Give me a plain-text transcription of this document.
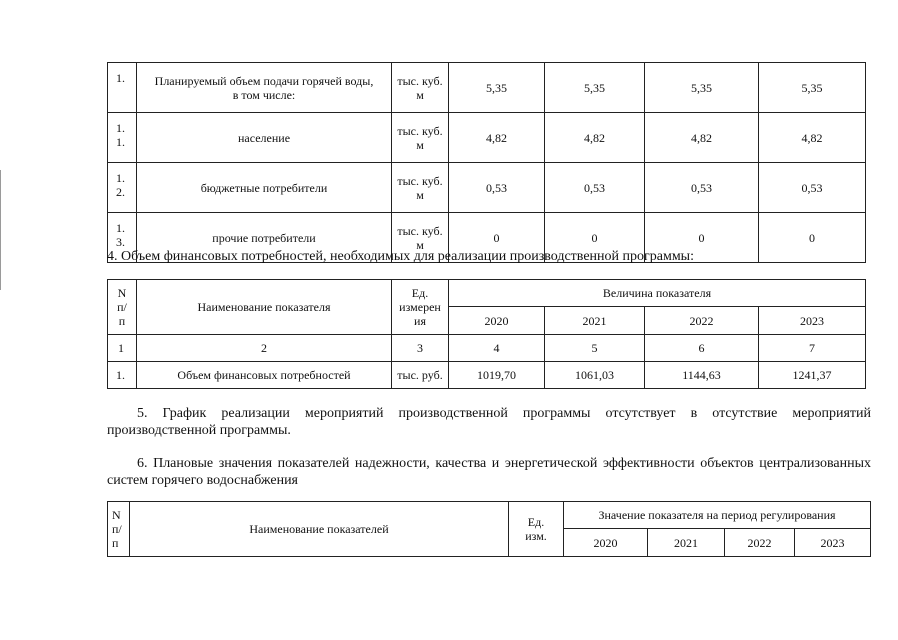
1.	Планируемый объем подачи горячей воды, в том числе:	тыс. куб. м	5,35	5,35	5,35	5,35
1. 1.	население	тыс. куб. м	4,82	4,82	4,82	4,82
1. 2.	бюджетные потребители	тыс. куб. м	0,53	0,53	0,53	0,53
1. 3.	прочие потребители	тыс. куб. м	0	0	0	0

4. Объем финансовых потребностей, необходимых для реализации производственной программы:

N п/ п	Наименование показателя	Ед. измерен ия	Величина показателя			
			2020	2021	2022	2023
1	2	3	4	5	6	7
1.	Объем финансовых потребностей	тыс. руб.	1019,70	1061,03	1144,63	1241,37

5. График реализации мероприятий производственной программы отсутствует в отсутствие мероприятий производственной программы.

6. Плановые значения показателей надежности, качества и энергетической эффективности объектов централизованных систем горячего водоснабжения

N п/ п	Наименование показателей	Ед. изм.	Значение показателя на период регулирования			
			2020	2021	2022	2023
